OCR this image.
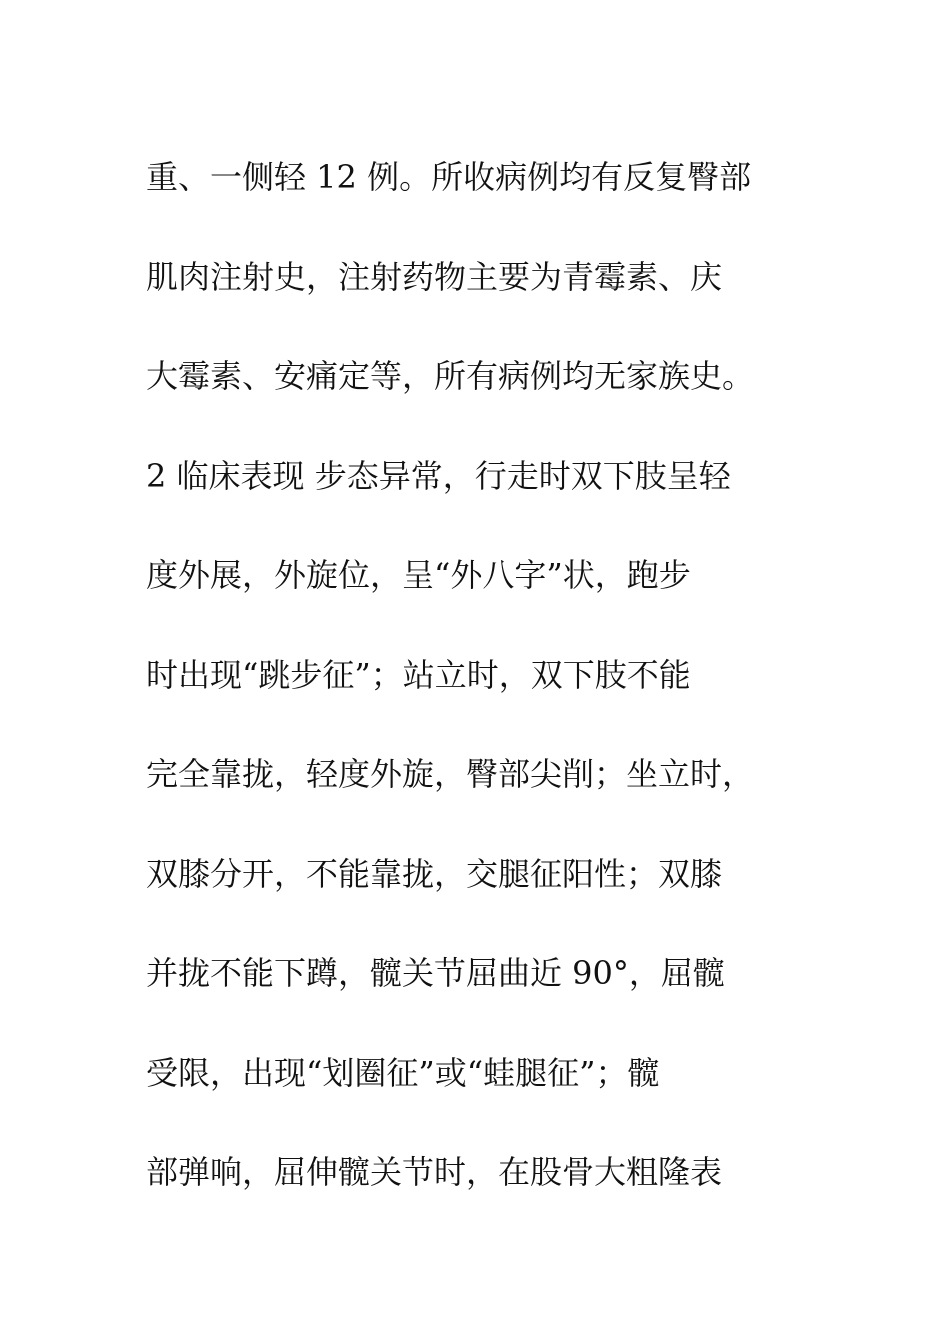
重、一侧轻 12 例。所收病例均有反复臀部
肌肉注射史，注射药物主要为青霉素、庆
大霉素、安痛定等，所有病例均无家族史。
2 临床表现 步态异常，行走时双下肢呈轻
度外展，外旋位，呈“外八字”状，跑步
时出现“跳步征”；站立时，双下肢不能
完全靠拢，轻度外旋，臀部尖削；坐立时，
双膝分开，不能靠拢，交腿征阳性；双膝
并拢不能下蹲，髋关节屈曲近 90°，屈髋
受限，出现“划圈征”或“蛙腿征”；髋
部弹响，屈伸髋关节时，在股骨大粗隆表
